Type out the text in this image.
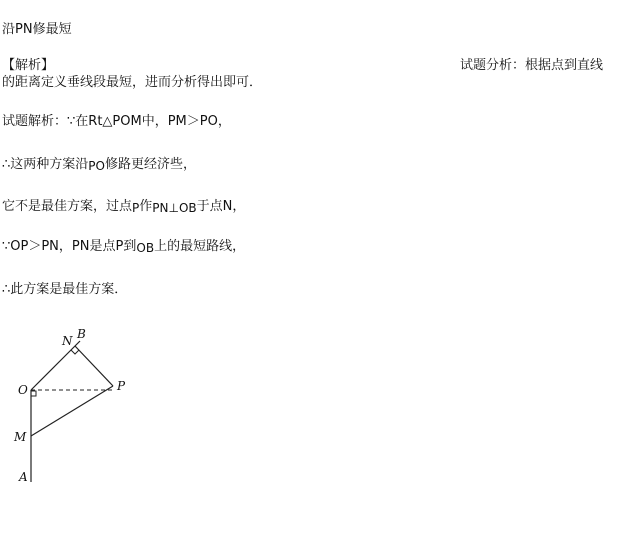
沿PN修最短
【解析】	试题分析：根据点到直线
的距离定义垂线段最短，进而分析得出即可．
试题解析：∵在Rt△POM中，PM＞PO，
∴这两种方案沿PO修路更经济些，
它不是最佳方案，过点P作PN⊥OB于点N，
∵OP＞PN，PN是点P到OB上的最短路线，
∴此方案是最佳方案．
N B
O	P
M
A
